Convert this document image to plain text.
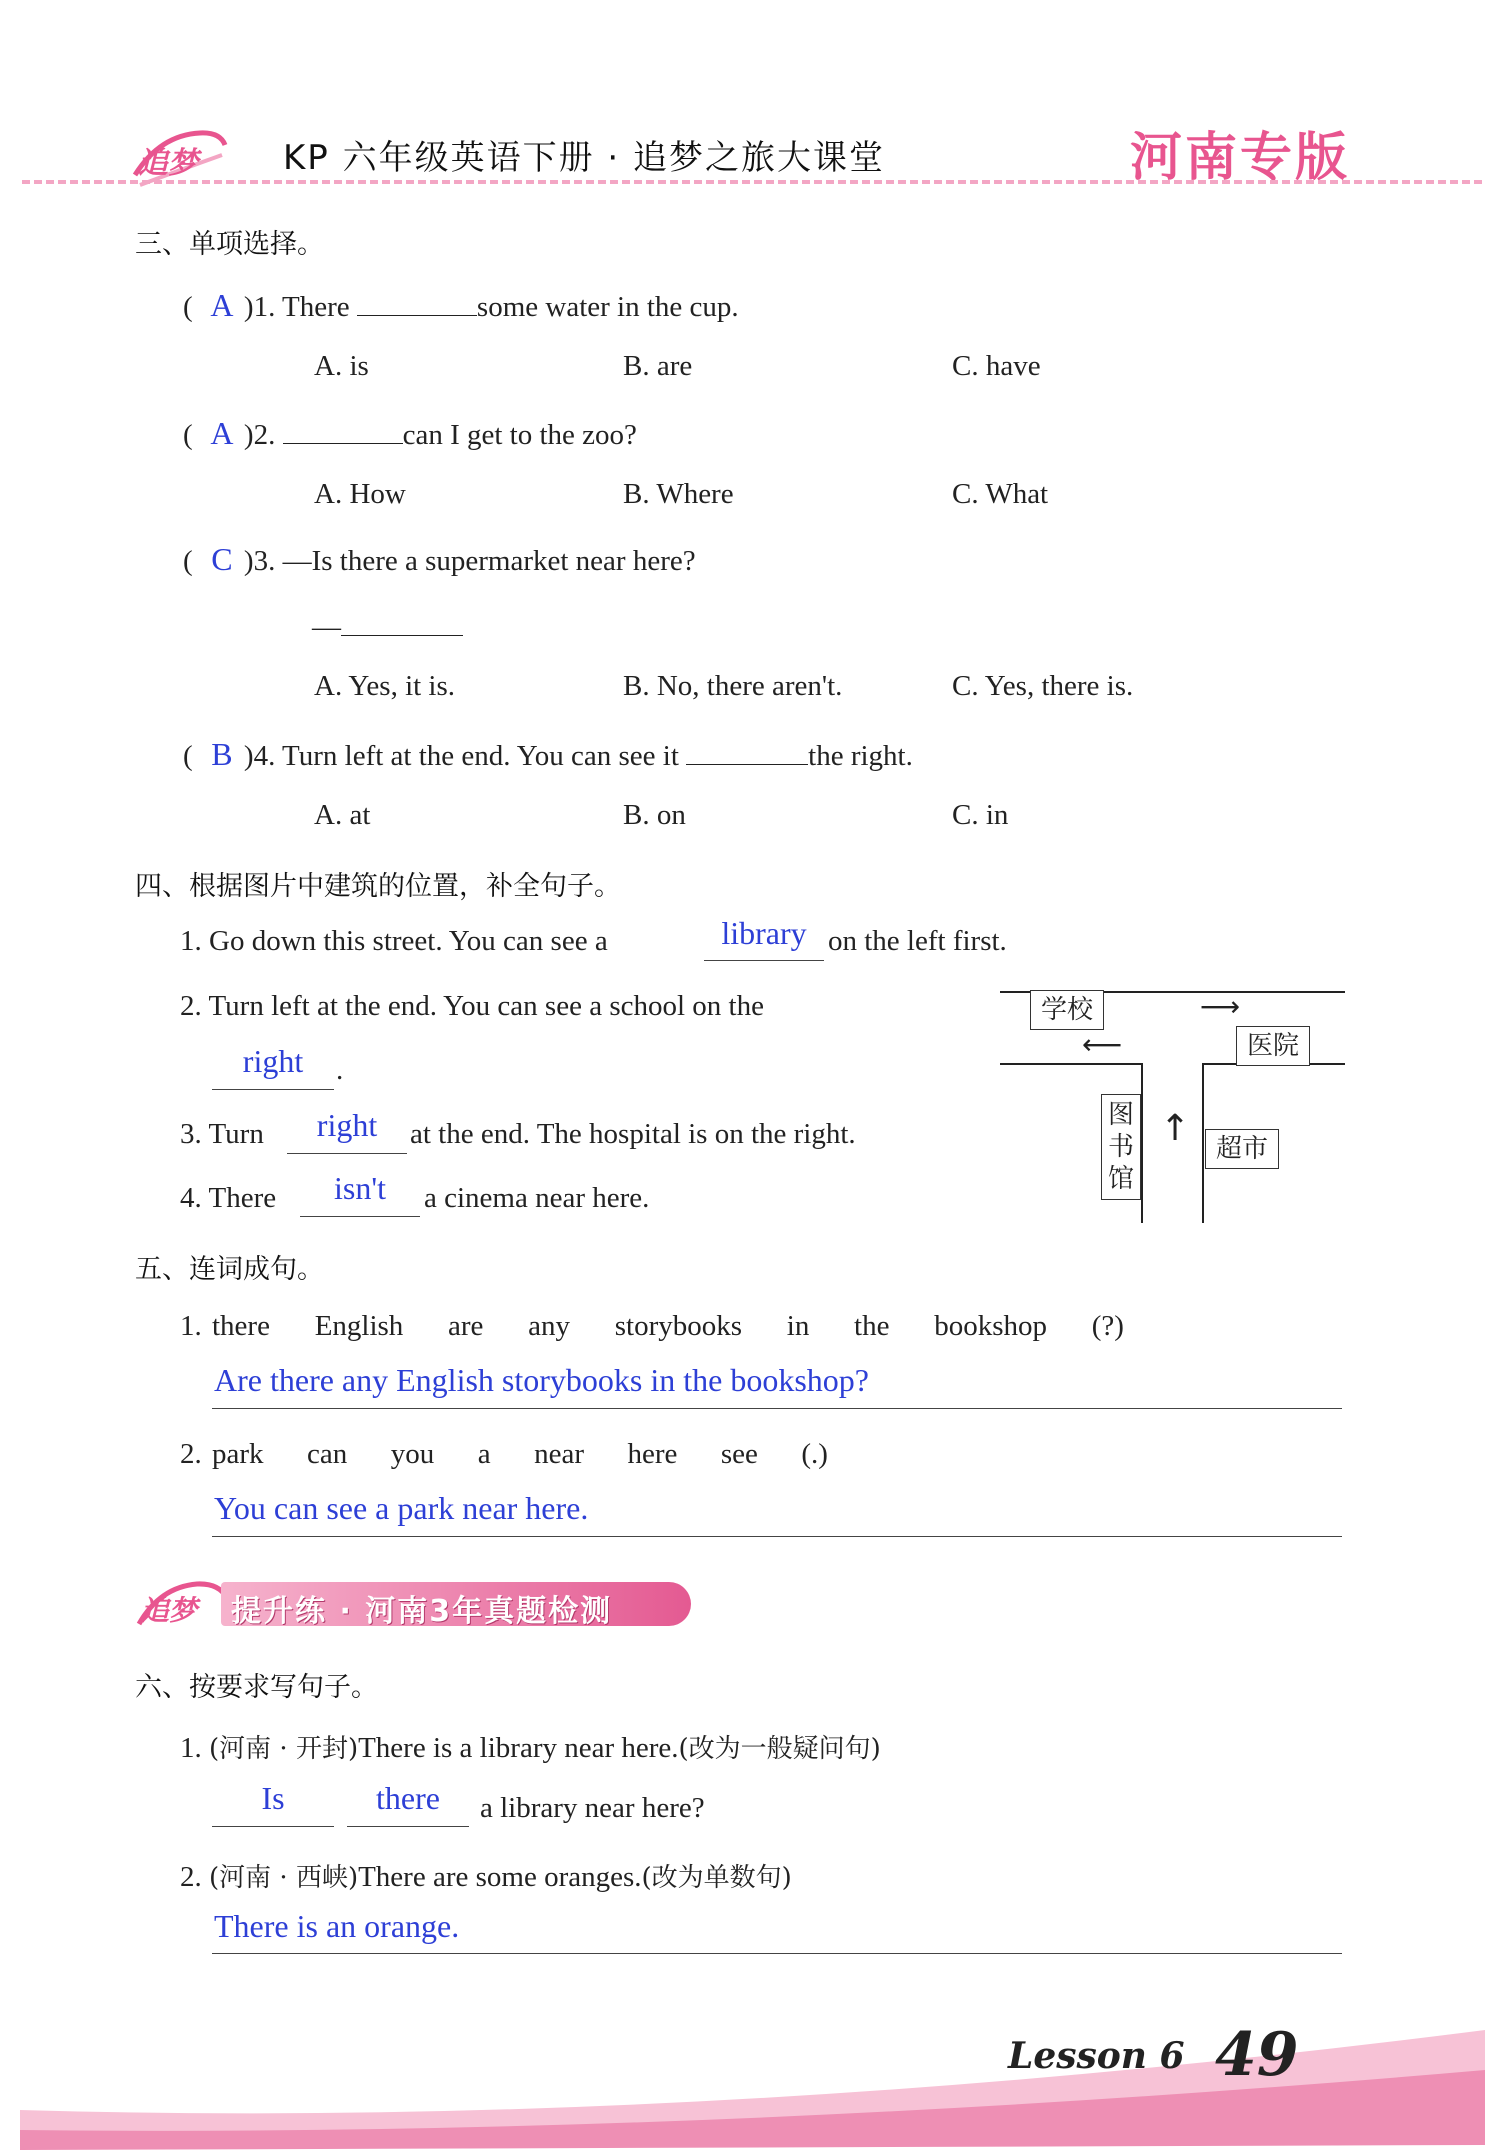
追梦	KP 六年级英语下册 · 追梦之旅大课堂	河南专版
三、单项选择。
( A )1. There	some water in the cup.
A. is	B. are	C. have
( A )2.	can I get to the zoo?
A. How	B. Where	C. What
( C )3. —Is there a supermarket near here?
—
A. Yes, it is.	B. No, there aren't.	C. Yes, there is.
( B )4. Turn left at the end. You can see it	the right.
A. at	B. on	C. in
四、根据图片中建筑的位置，补全句子。
1. Go down this street. You can see a	library on the left first.
2. Turn left at the end. You can see a school on the
right	.
3. Turn	right	at the end. The hospital is on the right.
4. There	isn't	a cinema near here.
学校
医院
图
书
馆
超市
⟶
⟵
↑
五、连词成句。
1. there English are any storybooks in the bookshop (?)
Are there any English storybooks in the bookshop?
2. park can you a near here see (.)
You can see a park near here.
追梦 提升练 · 河南3年真题检测
六、按要求写句子。
1. (河南 · 开封)There is a library near here.(改为一般疑问句)
Is	there	a library near here?
2. (河南 · 西峡)There are some oranges.(改为单数句)
There is an orange.
Lesson 6 49
